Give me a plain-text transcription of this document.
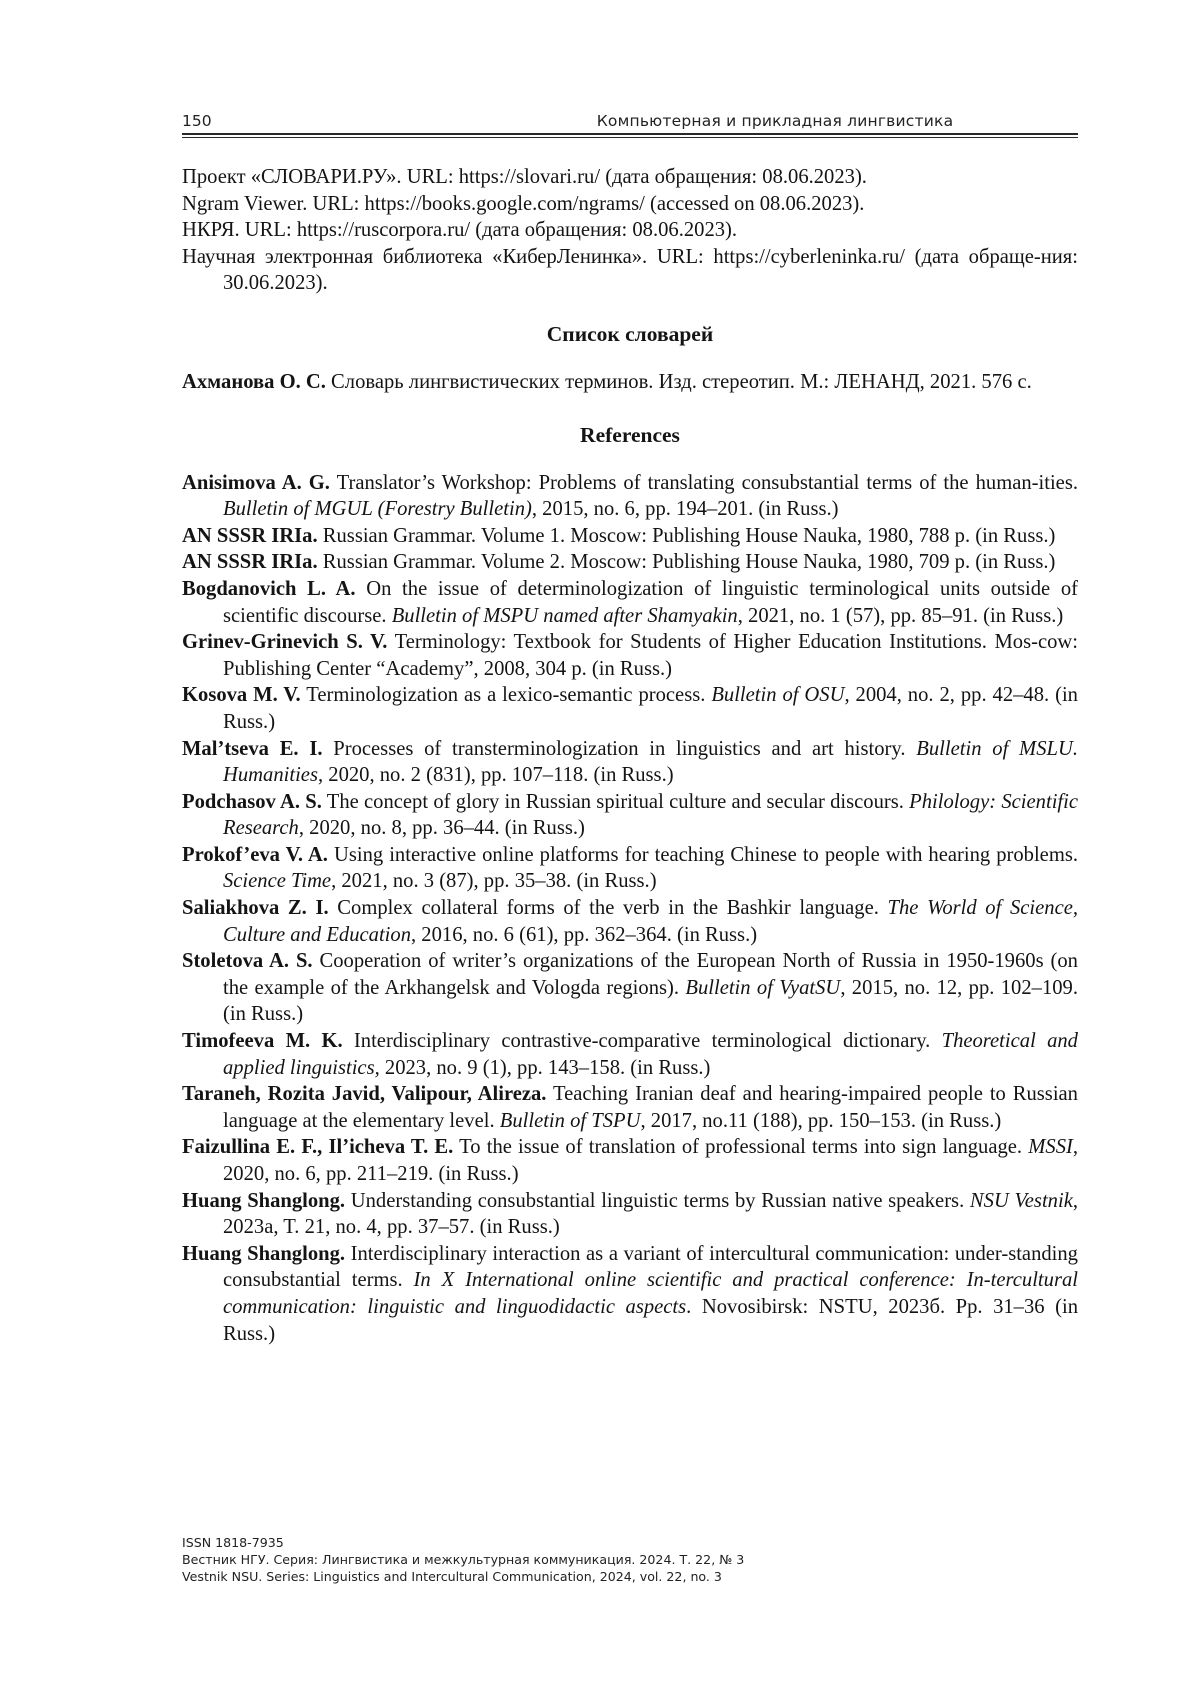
150	Компьютерная и прикладная лингвистика

Проект «СЛОВАРИ.РУ». URL: https://slovari.ru/ (дата обращения: 08.06.2023).

Ngram Viewer. URL: https://books.google.com/ngrams/ (accessed on 08.06.2023).

НКРЯ. URL: https://ruscorpora.ru/ (дата обращения: 08.06.2023).

Научная электронная библиотека «КиберЛенинка». URL: https://cyberleninka.ru/ (дата обраще-ния: 30.06.2023).

Список словарей

Ахманова О. С. Словарь лингвистических терминов. Изд. стереотип. М.: ЛЕНАНД, 2021. 576 с.

References

Anisimova A. G. Translator’s Workshop: Problems of translating consubstantial terms of the human-ities. Bulletin of MGUL (Forestry Bulletin), 2015, no. 6, pp. 194–201. (in Russ.)

AN SSSR IRIa. Russian Grammar. Volume 1. Moscow: Publishing House Nauka, 1980, 788 p. (in Russ.)

AN SSSR IRIa. Russian Grammar. Volume 2. Moscow: Publishing House Nauka, 1980, 709 p. (in Russ.)

Bogdanovich L. A. On the issue of determinologization of linguistic terminological units outside of scientific discourse. Bulletin of MSPU named after Shamyakin, 2021, no. 1 (57), pp. 85–91. (in Russ.)

Grinev-Grinevich S. V. Terminology: Textbook for Students of Higher Education Institutions. Mos-cow: Publishing Center “Academy”, 2008, 304 p. (in Russ.)

Kosova M. V. Terminologization as a lexico-semantic process. Bulletin of OSU, 2004, no. 2, pp. 42–48. (in Russ.)

Mal’tseva E. I. Processes of transterminologization in linguistics and art history. Bulletin of MSLU. Humanities, 2020, no. 2 (831), pp. 107–118. (in Russ.)

Podchasov A. S. The concept of glory in Russian spiritual culture and secular discours. Philology: Scientific Research, 2020, no. 8, pp. 36–44. (in Russ.)

Prokof’eva V. A. Using interactive online platforms for teaching Chinese to people with hearing problems. Science Time, 2021, no. 3 (87), pp. 35–38. (in Russ.)

Saliakhova Z. I. Complex collateral forms of the verb in the Bashkir language. The World of Science, Culture and Education, 2016, no. 6 (61), pp. 362–364. (in Russ.)

Stoletova A. S. Cooperation of writer’s organizations of the European North of Russia in 1950-1960s (on the example of the Arkhangelsk and Vologda regions). Bulletin of VyatSU, 2015, no. 12, pp. 102–109. (in Russ.)

Timofeeva M. K. Interdisciplinary contrastive-comparative terminological dictionary. Theoretical and applied linguistics, 2023, no. 9 (1), pp. 143–158. (in Russ.)

Taraneh, Rozita Javid, Valipour, Alireza. Teaching Iranian deaf and hearing-impaired people to Russian language at the elementary level. Bulletin of TSPU, 2017, no.11 (188), pp. 150–153. (in Russ.)

Faizullina E. F., Il’icheva T. E. To the issue of translation of professional terms into sign language. MSSI, 2020, no. 6, pp. 211–219. (in Russ.)

Huang Shanglong. Understanding consubstantial linguistic terms by Russian native speakers. NSU Vestnik, 2023a, T. 21, no. 4, pp. 37–57. (in Russ.)

Huang Shanglong. Interdisciplinary interaction as a variant of intercultural communication: under-standing consubstantial terms. In X International online scientific and practical conference: In-tercultural communication: linguistic and linguodidactic aspects. Novosibirsk: NSTU, 2023б. Pp. 31–36 (in Russ.)

ISSN 1818-7935
Вестник НГУ. Серия: Лингвистика и межкультурная коммуникация. 2024. Т. 22, № 3
Vestnik NSU. Series: Linguistics and Intercultural Communication, 2024, vol. 22, no. 3
